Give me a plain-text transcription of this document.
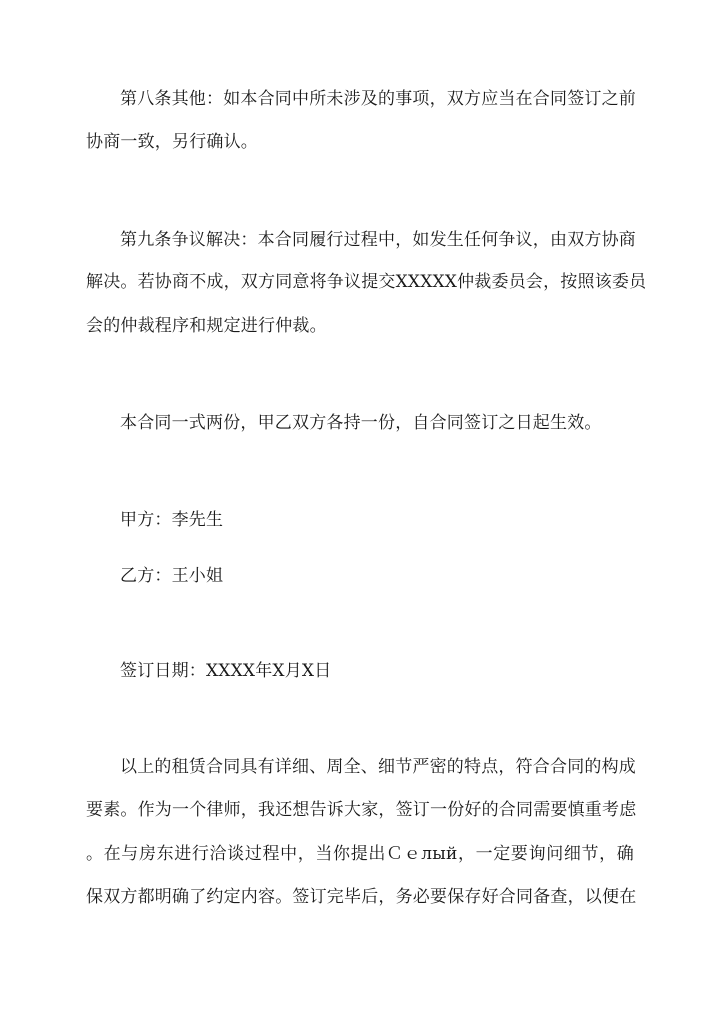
第八条其他：如本合同中所未涉及的事项，双方应当在合同签订之前
协商一致，另行确认。
第九条争议解决：本合同履行过程中，如发生任何争议，由双方协商
解决。若协商不成，双方同意将争议提交XXXXX仲裁委员会，按照该委员
会的仲裁程序和规定进行仲裁。
本合同一式两份，甲乙双方各持一份，自合同签订之日起生效。
甲方：李先生
乙方：王小姐
签订日期：XXXX年X月X日
以上的租赁合同具有详细、周全、细节严密的特点，符合合同的构成
要素。作为一个律师，我还想告诉大家，签订一份好的合同需要慎重考虑
。在与房东进行洽谈过程中，当你提出Ｃｅлый，一定要询问细节，确
保双方都明确了约定内容。签订完毕后，务必要保存好合同备查，以便在
